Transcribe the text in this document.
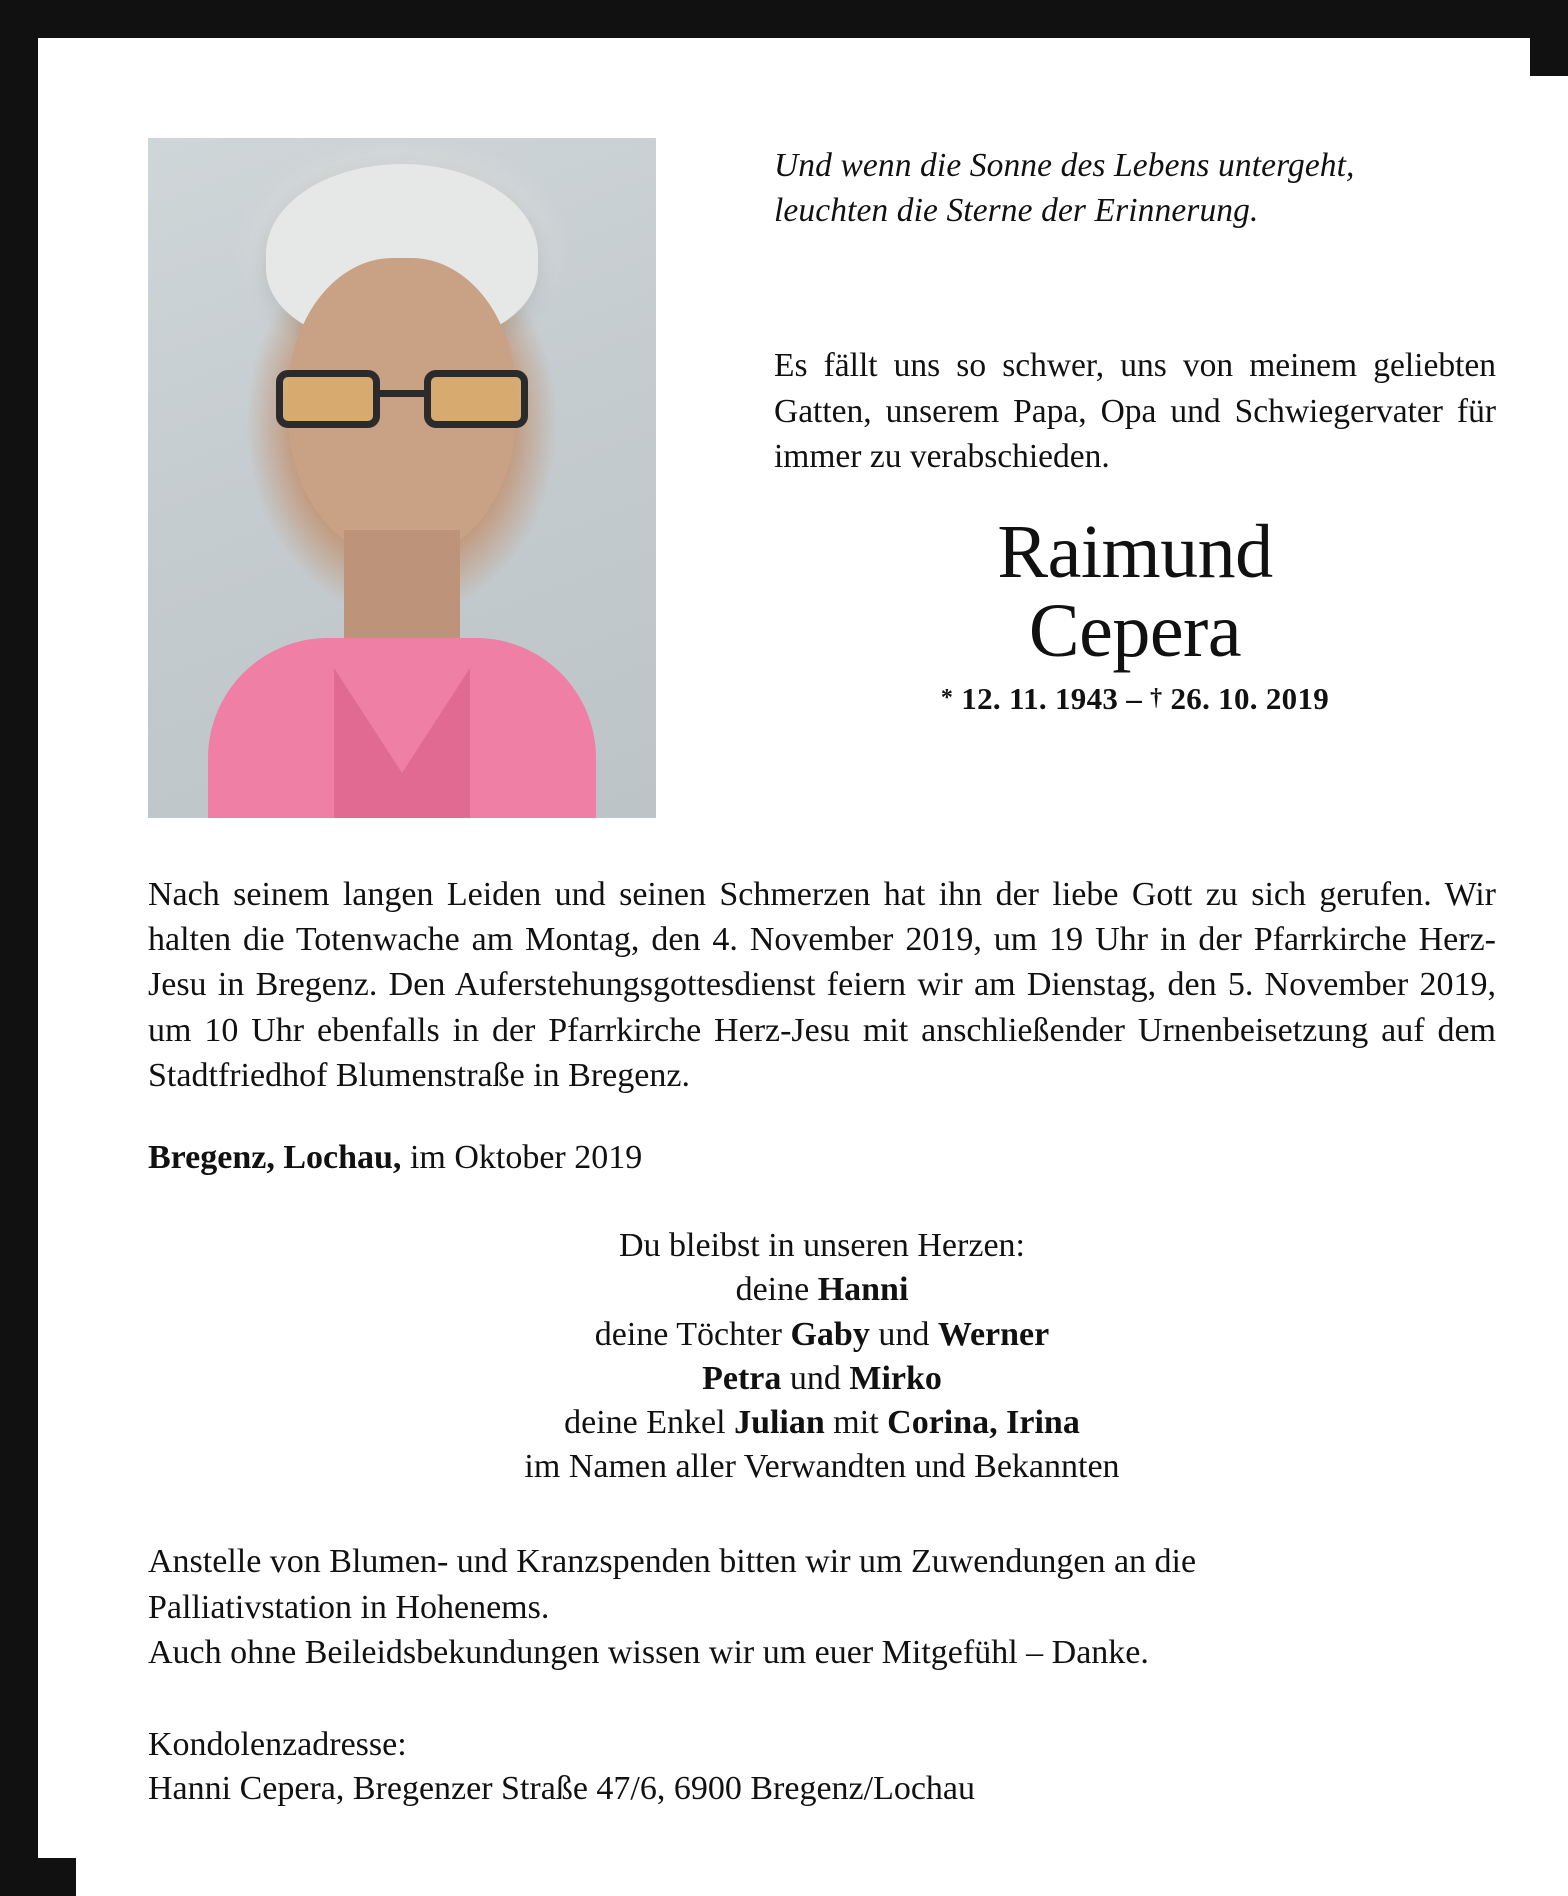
Und wenn die Sonne des Lebens untergeht,
leuchten die Sterne der Erinnerung.
Es fällt uns so schwer, uns von meinem geliebten Gatten, unserem Papa, Opa und Schwiegervater für immer zu verabschieden.
Raimund
Cepera
* 12. 11. 1943 – † 26. 10. 2019
Nach seinem langen Leiden und seinen Schmerzen hat ihn der liebe Gott zu sich gerufen. Wir halten die Totenwache am Montag, den 4. November 2019, um 19 Uhr in der Pfarrkirche Herz-Jesu in Bregenz. Den Auferstehungsgottesdienst feiern wir am Dienstag, den 5. November 2019, um 10 Uhr ebenfalls in der Pfarrkirche Herz-Jesu mit anschließender Urnenbeisetzung auf dem Stadtfriedhof Blumenstraße in Bregenz.
Bregenz, Lochau, im Oktober 2019
Du bleibst in unseren Herzen:
deine Hanni
deine Töchter Gaby und Werner
Petra und Mirko
deine Enkel Julian mit Corina, Irina
im Namen aller Verwandten und Bekannten
Anstelle von Blumen- und Kranzspenden bitten wir um Zuwendungen an die
Palliativstation in Hohenems.
Auch ohne Beileidsbekundungen wissen wir um euer Mitgefühl – Danke.
Kondolenzadresse:
Hanni Cepera, Bregenzer Straße 47/6, 6900 Bregenz/Lochau
